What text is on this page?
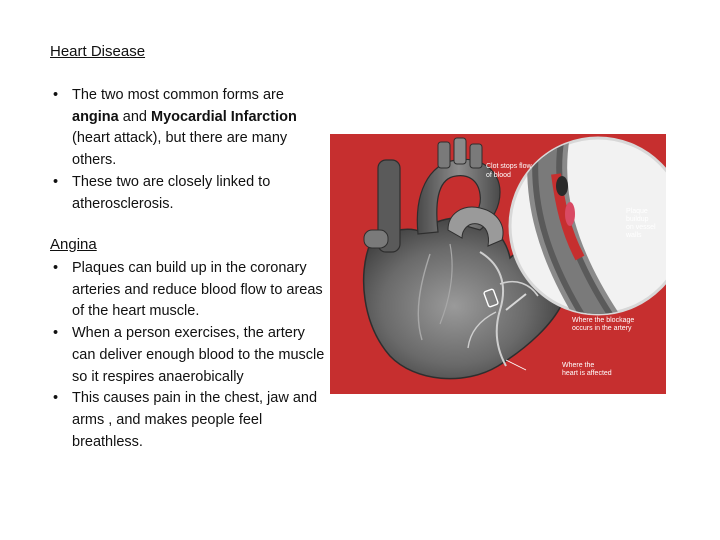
Heart Disease
• The two most common forms are angina and Myocardial Infarction (heart attack), but there are many others.
• These two are closely linked to atherosclerosis.
Angina
• Plaques can build up in the coronary arteries and reduce blood flow to areas of the heart muscle.
• When a person exercises, the artery can deliver enough blood to the muscle so it respires anaerobically
• This causes pain in the chest, jaw and arms , and makes people feel breathless.
Clot stops flow
of blood
Plaque
buildup
on vessel
walls
Where the blockage
occurs in the artery
Where the
heart is affected
